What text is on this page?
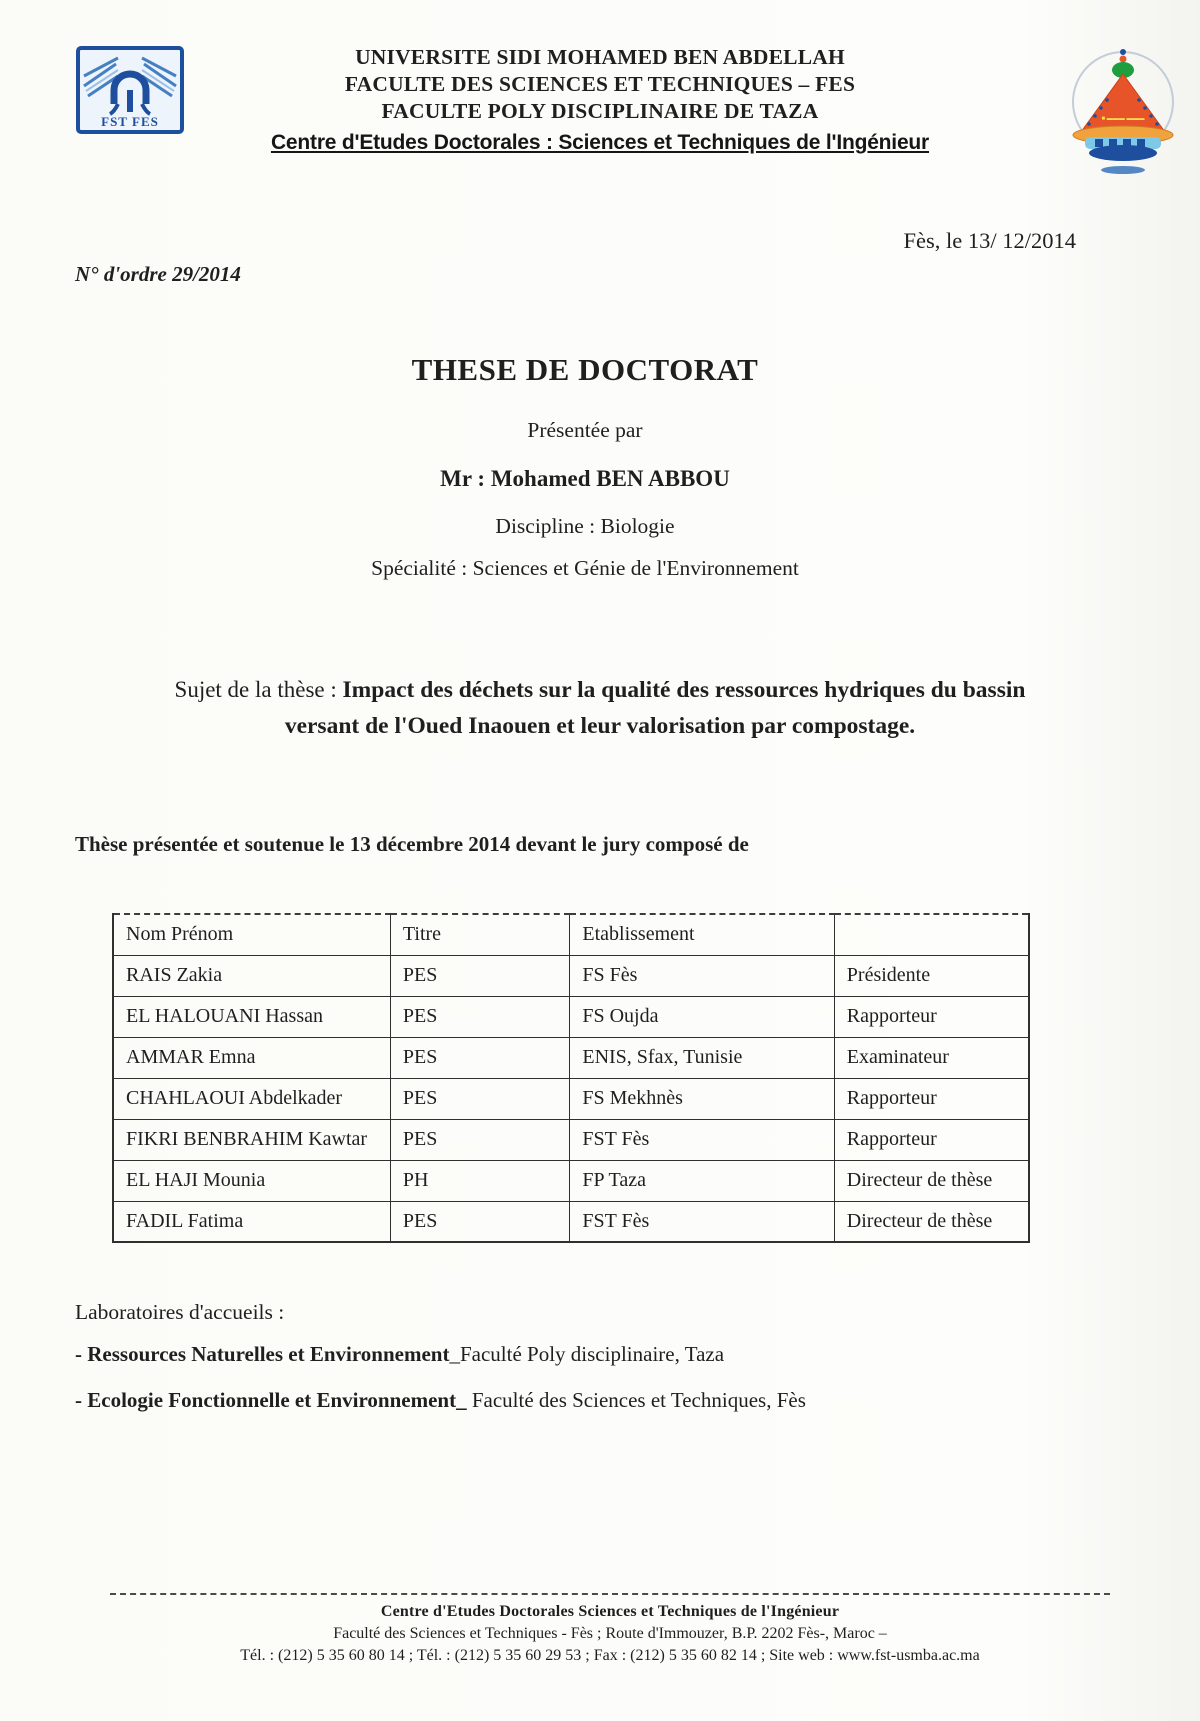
FST FES
UNIVERSITE SIDI MOHAMED BEN ABDELLAH
FACULTE DES SCIENCES ET TECHNIQUES – FES
FACULTE POLY DISCIPLINAIRE DE TAZA
Centre d'Etudes Doctorales : Sciences et Techniques de l'Ingénieur
■ ▬▬▬ ▬▬▬
Fès, le 13/ 12/2014
N° d'ordre 29/2014
THESE DE DOCTORAT
Présentée par
Mr : Mohamed BEN ABBOU
Discipline : Biologie
Spécialité : Sciences et Génie de l'Environnement
Sujet de la thèse : Impact des déchets sur la qualité des ressources hydriques du bassin
versant de l'Oued Inaouen et leur valorisation par compostage.
Thèse présentée et soutenue le 13 décembre 2014 devant le jury composé de
Nom Prénom	Titre	Etablissement	
RAIS Zakia	PES	FS Fès	Présidente
EL HALOUANI Hassan	PES	FS Oujda	Rapporteur
AMMAR Emna	PES	ENIS, Sfax, Tunisie	Examinateur
CHAHLAOUI Abdelkader	PES	FS Mekhnès	Rapporteur
FIKRI BENBRAHIM Kawtar	PES	FST Fès	Rapporteur
EL HAJI Mounia	PH	FP Taza	Directeur de thèse
FADIL Fatima	PES	FST Fès	Directeur de thèse
Laboratoires d'accueils :
- Ressources Naturelles et Environnement_Faculté Poly disciplinaire, Taza
- Ecologie Fonctionnelle et Environnement_ Faculté des Sciences et Techniques, Fès
Centre d'Etudes Doctorales Sciences et Techniques de l'Ingénieur
Faculté des Sciences et Techniques - Fès ; Route d'Immouzer, B.P. 2202 Fès-, Maroc –
Tél. : (212) 5 35 60 80 14 ; Tél. : (212) 5 35 60 29 53 ; Fax : (212) 5 35 60 82 14 ; Site web : www.fst-usmba.ac.ma
